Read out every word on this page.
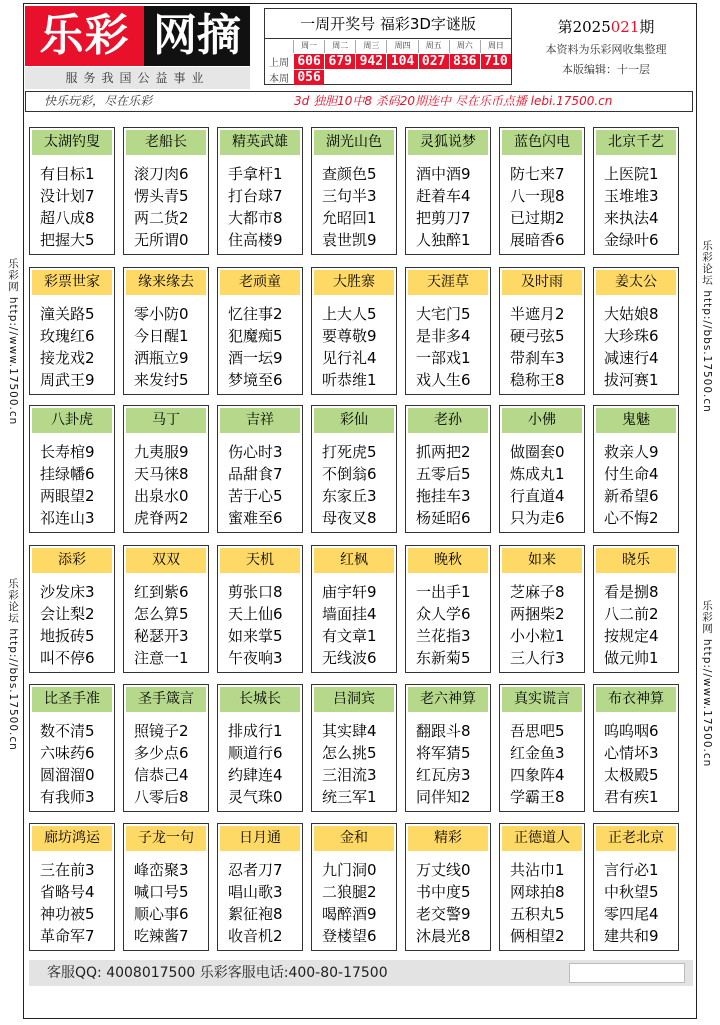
乐彩 网摘
服务我国公益事业
一周开奖号 福彩3D字谜版
周一	周二	周三	周四	周五	周六	周日
上周 606 679 942 104 027 836 710
本周 056
第2025021期
本资料为乐彩网收集整理
本版编辑：十一层
快乐玩彩，尽在乐彩	3d 独胆10中8 杀码20期连中 尽在乐币点播 lebi.17500.cn
乐彩网 http://www.17500.cn
乐彩论坛 http://bbs.17500.cn
乐彩论坛 http://bbs.17500.cn
乐彩网 http://www.17500.cn
太湖钓叟
有目标1
没计划7
超八成8
把握大5
老船长
滚刀肉6
愣头青5
两二货2
无所谓0
精英武雄
手拿杆1
打台球7
大都市8
住高楼9
湖光山色
查颜色5
三句半3
允昭回1
袁世凯9
灵狐说梦
酒中酒9
赶着车4
把剪刀7
人独醉1
蓝色闪电
防七来7
八一现8
已过期2
展暗香6
北京千艺
上医院1
玉堆堆3
来执法4
金绿叶6
彩票世家
潼关路5
玫瑰红6
接龙戏2
周武王9
缘来缘去
零小防0
今日醒1
洒瓶立9
来发纣5
老顽童
忆往事2
犯魔痴5
酒一坛9
梦境至6
大胜寨
上大人5
要尊敬9
见行礼4
听恭维1
天涯草
大宅门5
是非多4
一部戏1
戏人生6
及时雨
半遮月2
硬弓弦5
带刹车3
稳称王8
姜太公
大姑娘8
大珍珠6
减速行4
拔河赛1
八卦虎
长寿棺9
挂绿幡6
两眼望2
祁连山3
马丁
九夷服9
天马徕8
出泉水0
虎脊两2
吉祥
伤心时3
品甜食7
苦于心5
蜜难至6
彩仙
打死虎5
不倒翁6
东家丘3
母夜叉8
老孙
抓两把2
五零后5
拖挂车3
杨延昭6
小佛
做圈套0
炼成丸1
行直道4
只为走6
鬼魅
救亲人9
付生命4
新希望6
心不悔2
添彩
沙发床3
会让梨2
地扳砖5
叫不停6
双双
红到紫6
怎么算5
秘瑟开3
注意一1
天机
剪张口8
天上仙6
如来掌5
午夜响3
红枫
庙宇轩9
墙面挂4
有文章1
无线波6
晚秋
一出手1
众人学6
兰花指3
东新菊5
如来
芝麻子8
两捆柴2
小小粒1
三人行3
晓乐
看是捌8
八二前2
按规定4
做元帅1
比圣手准
数不清5
六味药6
圆溜溜0
有我师3
圣手箴言
照镜子2
多少点6
信恭己4
八零后8
长城长
排成行1
顺道行6
约肆连4
灵气珠0
吕洞宾
其实肆4
怎么挑5
三泪流3
统三军1
老六神算
翻跟斗8
将军猜5
红瓦房3
同伴知2
真实谎言
吾思吧5
红金鱼3
四象阵4
学霸王8
布衣神算
呜呜咽6
心情坏3
太极殿5
君有疾1
廊坊鸿运
三在前3
省略号4
神功被5
革命军7
子龙一句
峰峦聚3
喊口号5
顺心事6
吃辣酱7
日月通
忍者刀7
唱山歌3
絮征袍8
收音机2
金和
九门洞0
二狼腿2
喝醉酒9
登楼望6
精彩
万丈线0
书中度5
老交警9
沐晨光8
正德道人
共沾巾1
网球拍8
五积丸5
俩相望2
正老北京
言行必1
中秋望5
零四尾4
建共和9
客服QQ: 4008017500 乐彩客服电话:400-80-17500
